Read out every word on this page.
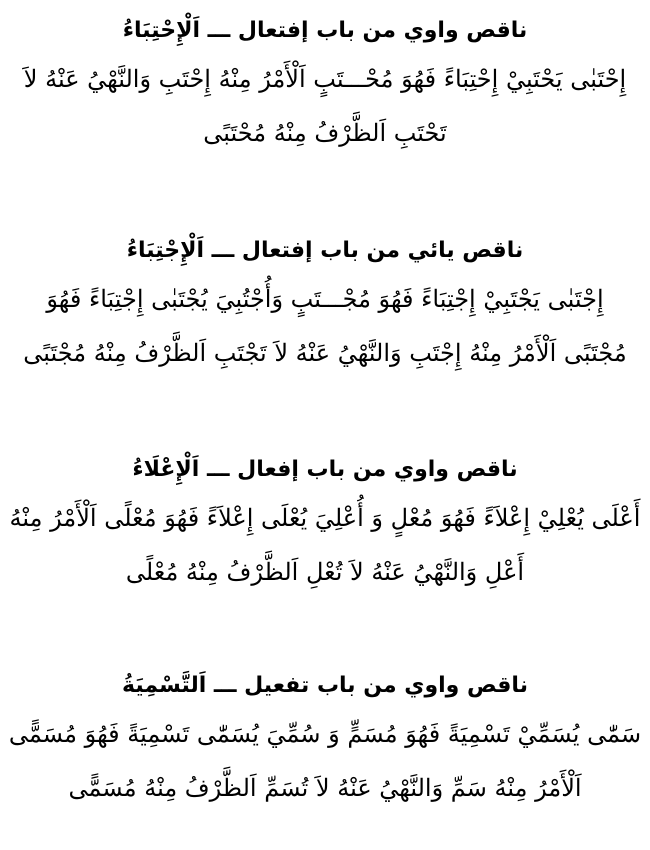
ناقص واوي من باب إفتعال ـــ اَلْإِحْتِبَاءُ

إِحْتَبٰى يَحْتَبِيْ إِحْتِبَاءً فَهُوَ مُحْـــتَبٍ اَلْأَمْرُ مِنْهُ إِحْتَبِ وَالنَّهْيُ عَنْهُ لاَ

تَحْتَبِ اَلظَّرْفُ مِنْهُ مُحْتَبًى

ناقص يائي من باب إفتعال ـــ اَلْإِجْتِبَاءُ

إِجْتَبٰى يَجْتَبِيْ إِجْتِبَاءً فَهُوَ مُجْـــتَبٍ وَأُجْتُبِيَ يُجْتَبٰى إِجْتِبَاءً فَهُوَ

مُجْتَبًى اَلْأَمْرُ مِنْهُ إِجْتَبِ وَالنَّهْيُ عَنْهُ لاَ تَجْتَبِ اَلظَّرْفُ مِنْهُ مُجْتَبًى

ناقص واوي من باب إفعال ـــ اَلْإِعْلَاءُ

أَعْلَى يُعْلِيْ إِعْلاَءً فَهُوَ مُعْلٍ وَ أُعْلِيَ يُعْلَى إِعْلاَءً فَهُوَ مُعْلًى اَلْأَمْرُ مِنْهُ

أَعْلِ وَالنَّهْيُ عَنْهُ لاَ تُعْلِ اَلظَّرْفُ مِنْهُ مُعْلًى

ناقص واوي من باب تفعيل ـــ اَلتَّسْمِيَةُ

سَمّٰى يُسَمِّيْ تَسْمِيَةً فَهُوَ مُسَمٍّ وَ سُمِّيَ يُسَمّٰى تَسْمِيَةً فَهُوَ مُسَمًّى

اَلْأَمْرُ مِنْهُ سَمِّ وَالنَّهْيُ عَنْهُ لاَ تُسَمِّ اَلظَّرْفُ مِنْهُ مُسَمًّى
